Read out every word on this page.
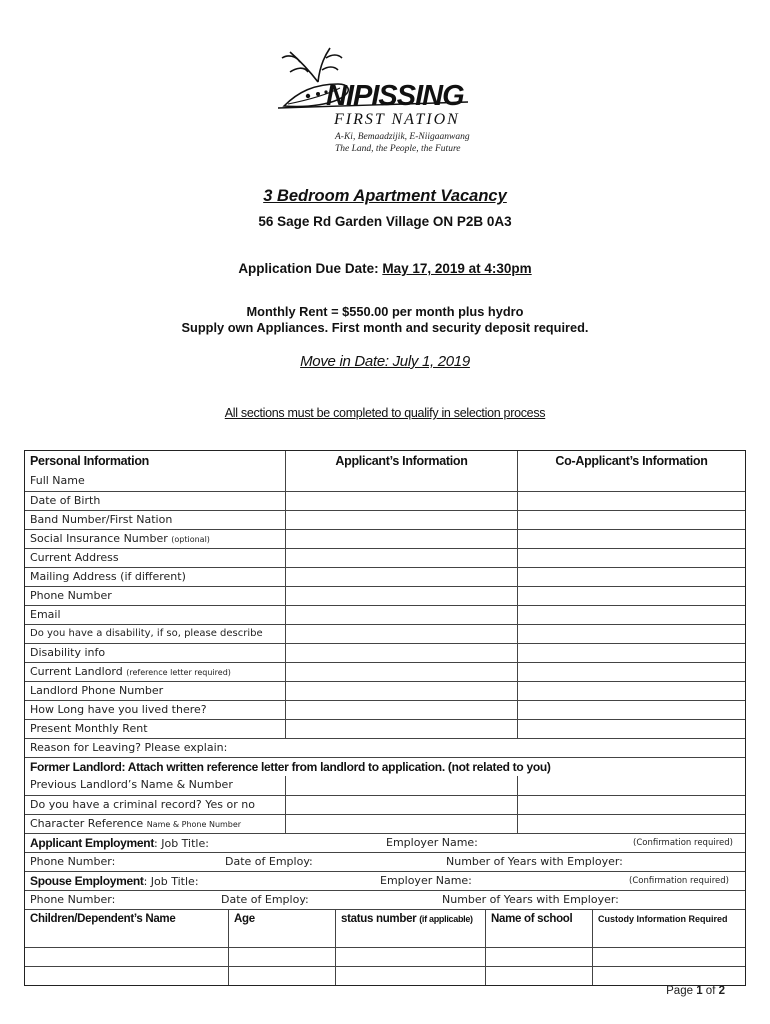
NIPISSING
FIRST NATION
A-Ki, Bemaadzijik, E-Niigaanwang
The Land, the People, the Future
3 Bedroom Apartment Vacancy
56 Sage Rd Garden Village ON P2B 0A3
Application Due Date: May 17, 2019 at 4:30pm
Monthly Rent = $550.00 per month plus hydro
Supply own Appliances. First month and security deposit required.
Move in Date: July 1, 2019
All sections must be completed to qualify in selection process
Personal Information	Applicant’s Information	Co-Applicant’s Information
Full Name
Date of Birth
Band Number/First Nation
Social Insurance Number (optional)
Current Address
Mailing Address (if different)
Phone Number
Email
Do you have a disability, if so, please describe
Disability info
Current Landlord (reference letter required)
Landlord Phone Number
How Long have you lived there?
Present Monthly Rent
Reason for Leaving? Please explain:
Former Landlord: Attach written reference letter from landlord to application. (not related to you)
Previous Landlord’s Name & Number
Do you have a criminal record? Yes or no
Character Reference Name & Phone Number
Applicant Employment: Job Title:	Employer Name:	(Confirmation required)
Phone Number:	Date of Employ:	Number of Years with Employer:
Spouse Employment: Job Title:	Employer Name:	(Confirmation required)
Phone Number:	Date of Employ:	Number of Years with Employer:
Children/Dependent’s Name	Age	status number (if applicable)	Name of school	Custody Information Required
Page 1 of 2
